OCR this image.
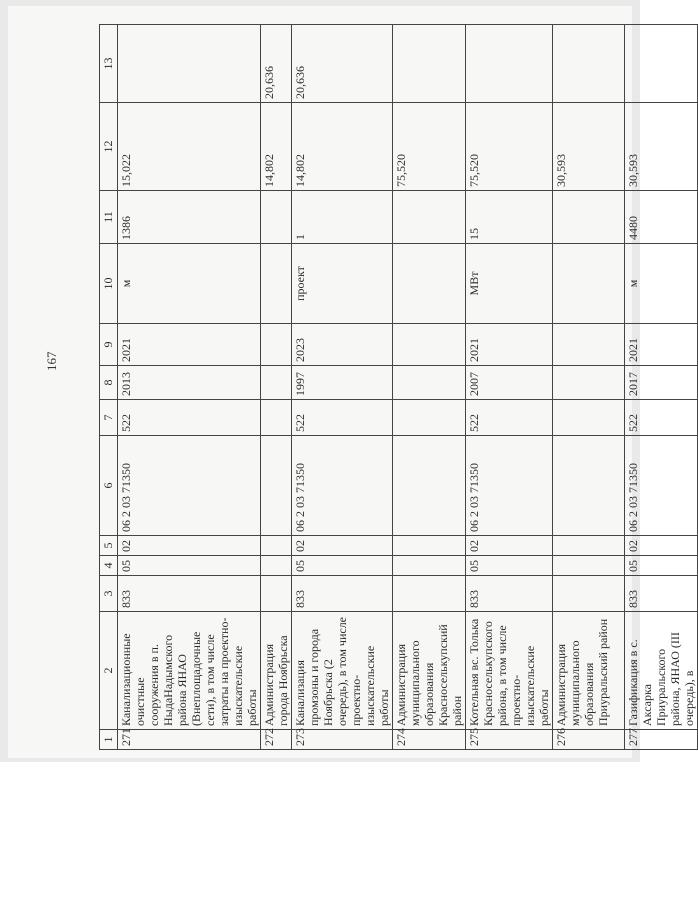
167
1	2	3	4	5	6	7	8	9	10	11	12	13
271	Канализационные очистные сооружения в п. НыдаНадымского района ЯНАО (Внеплощадочные сети), в том числе затраты на проектно-изыскательские работы	833	05	02	06 2 03 71350	522	2013	2021	м	1386	15,022	
272	Администрация города Ноябрьска										14,802	20,636
273	Канализация промзоны и города Ноябрьска (2 очередь), в том числе проектно-изыскательские работы	833	05	02	06 2 03 71350	522	1997	2023	проект	1	14,802	20,636
274	Администрация муниципального образования Красноселькупский район										75,520	
275	Котельная вс. Толька Красноселькупского района, в том числе проектно-изыскательские работы	833	05	02	06 2 03 71350	522	2007	2021	МВт	15	75,520	
276	Администрация муниципального образования Приуральский район										30,593	
277	Газификация в с. Аксарка Приуральского района, ЯНАО (III очередь), в	833	05	02	06 2 03 71350	522	2017	2021	м	4480	30,593	
